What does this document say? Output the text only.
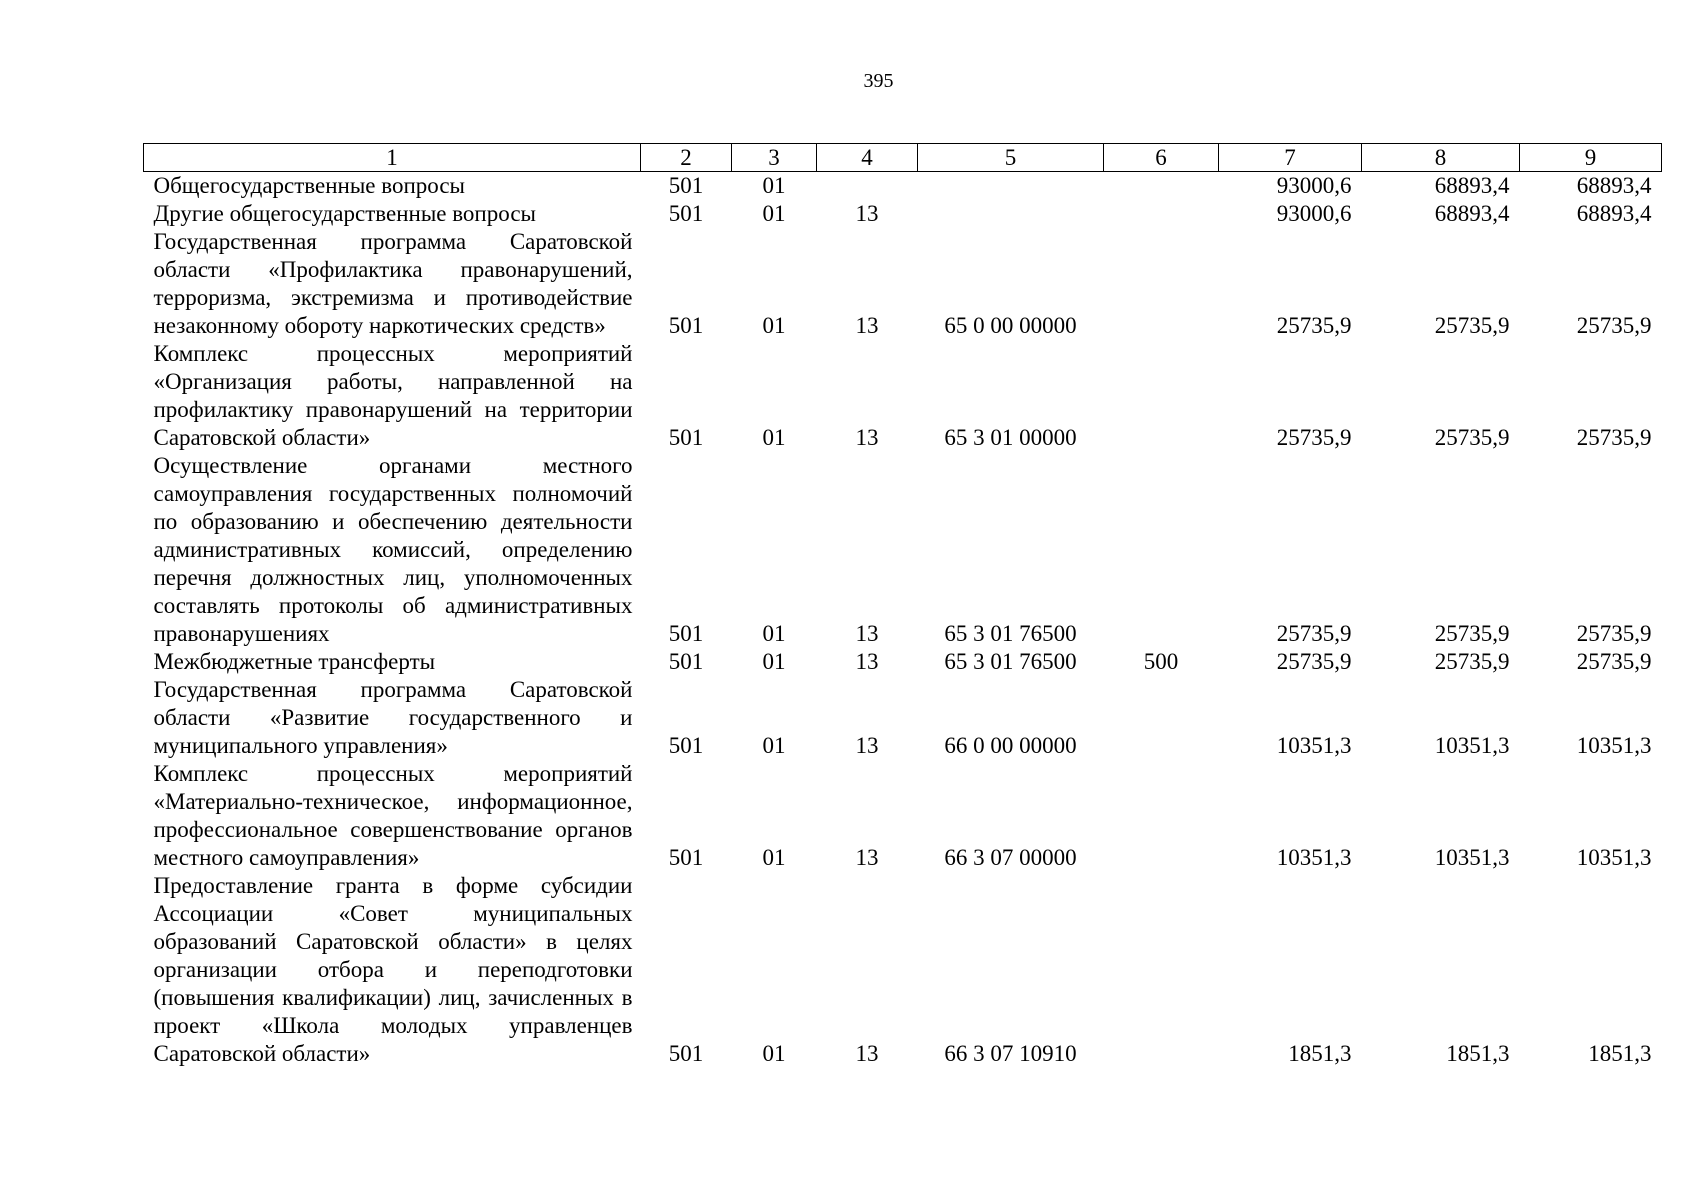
395
1	2	3	4	5	6	7	8	9
Общегосударственные вопросы	501	01				93000,6	68893,4	68893,4
Другие общегосударственные вопросы	501	01	13			93000,6	68893,4	68893,4
Государственная программа Саратовской области «Профилактика правонарушений, терроризма, экстремизма и противодействие незаконному обороту наркотических средств»	501	01	13	65 0 00 00000		25735,9	25735,9	25735,9
Комплекс процессных мероприятий «Организация работы, направленной на профилактику правонарушений на территории Саратовской области»	501	01	13	65 3 01 00000		25735,9	25735,9	25735,9
Осуществление органами местного самоуправления государственных полномочий по образованию и обеспечению деятельности административных комиссий, определению перечня должностных лиц, уполномоченных составлять протоколы об административных правонарушениях	501	01	13	65 3 01 76500		25735,9	25735,9	25735,9
Межбюджетные трансферты	501	01	13	65 3 01 76500	500	25735,9	25735,9	25735,9
Государственная программа Саратовской области «Развитие государственного и муниципального управления»	501	01	13	66 0 00 00000		10351,3	10351,3	10351,3
Комплекс процессных мероприятий «Материально-техническое, информационное, профессиональное совершенствование органов местного самоуправления»	501	01	13	66 3 07 00000		10351,3	10351,3	10351,3
Предоставление гранта в форме субсидии Ассоциации «Совет муниципальных образований Саратовской области» в целях организации отбора и переподготовки (повышения квалификации) лиц, зачисленных в проект «Школа молодых управленцев Саратовской области»	501	01	13	66 3 07 10910		1851,3	1851,3	1851,3
